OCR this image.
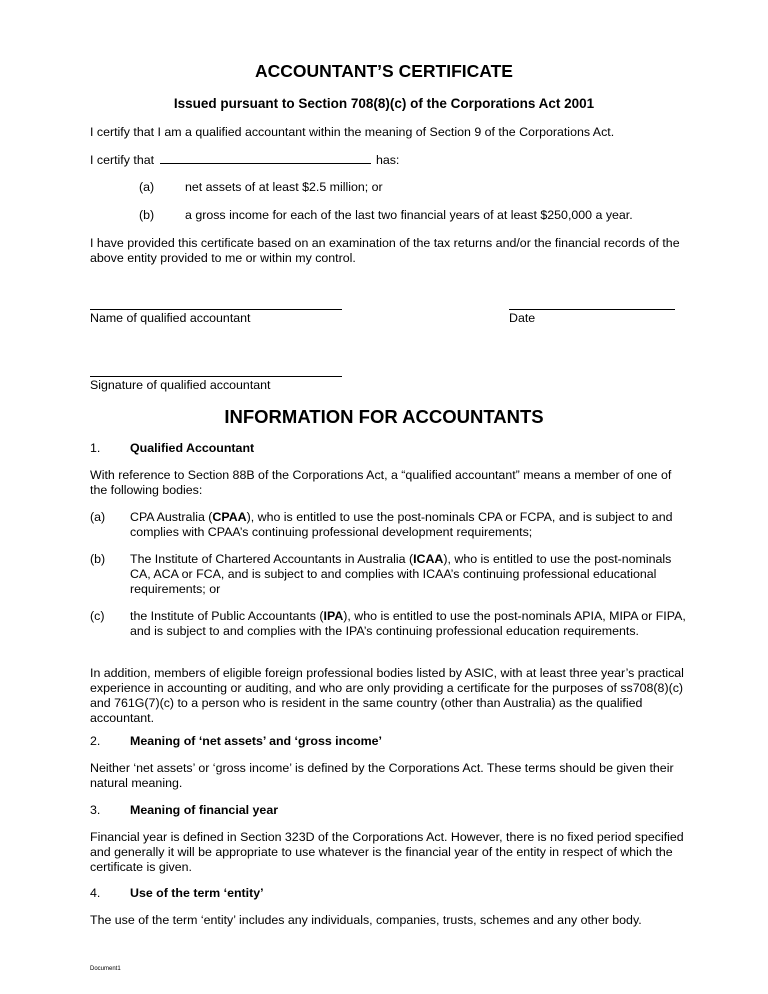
ACCOUNTANT’S CERTIFICATE
Issued pursuant to Section 708(8)(c) of the Corporations Act 2001
I certify that I am a qualified accountant within the meaning of Section 9 of the Corporations Act.
I certify that	has:
(a) net assets of at least $2.5 million; or
(b) a gross income for each of the last two financial years of at least $250,000 a year.
I have provided this certificate based on an examination of the tax returns and/or the financial records of the above entity provided to me or within my control.
Name of qualified accountant	Date
Signature of qualified accountant
INFORMATION FOR ACCOUNTANTS
1. Qualified Accountant
With reference to Section 88B of the Corporations Act, a “qualified accountant” means a member of one of the following bodies:
(a) CPA Australia (CPAA), who is entitled to use the post-nominals CPA or FCPA, and is subject to and complies with CPAA’s continuing professional development requirements;
(b) The Institute of Chartered Accountants in Australia (ICAA), who is entitled to use the post-nominals CA, ACA or FCA, and is subject to and complies with ICAA’s continuing professional educational requirements; or
(c) the Institute of Public Accountants (IPA), who is entitled to use the post-nominals APIA, MIPA or FIPA, and is subject to and complies with the IPA’s continuing professional education requirements.
In addition, members of eligible foreign professional bodies listed by ASIC, with at least three year’s practical experience in accounting or auditing, and who are only providing a certificate for the purposes of ss708(8)(c) and 761G(7)(c) to a person who is resident in the same country (other than Australia) as the qualified accountant.
2. Meaning of ‘net assets’ and ‘gross income’
Neither ‘net assets’ or ‘gross income’ is defined by the Corporations Act. These terms should be given their natural meaning.
3. Meaning of financial year
Financial year is defined in Section 323D of the Corporations Act. However, there is no fixed period specified and generally it will be appropriate to use whatever is the financial year of the entity in respect of which the certificate is given.
4. Use of the term ‘entity’
The use of the term ‘entity’ includes any individuals, companies, trusts, schemes and any other body.
Document1
